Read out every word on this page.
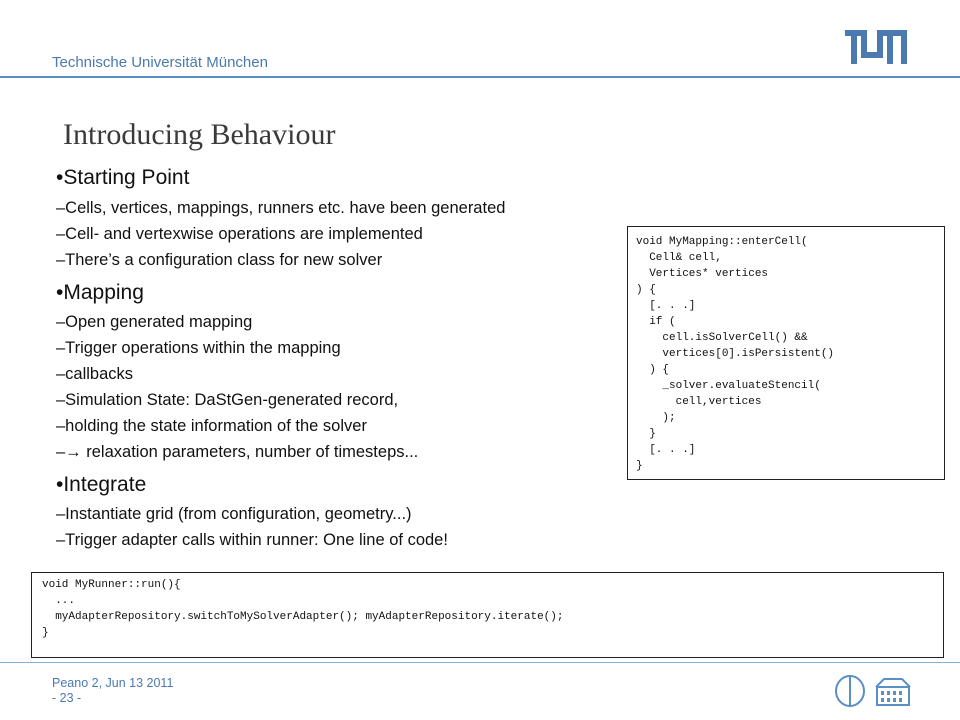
Technische Universität München
Introducing Behaviour
•Starting Point
–Cells, vertices, mappings, runners etc. have been generated
–Cell- and vertexwise operations are implemented
–There’s a configuration class for new solver
•Mapping
–Open generated mapping
–Trigger operations within the mapping
–callbacks
–Simulation State: DaStGen-generated record,
–holding the state information of the solver
–→ relaxation parameters, number of timesteps...
•Integrate
–Instantiate grid (from configuration, geometry...)
–Trigger adapter calls within runner: One line of code!
void MyMapping::enterCell(
Cell& cell,
Vertices* vertices
) {
[. . .]
if (
cell.isSolverCell() &&
vertices[0].isPersistent()
) {
_solver.evaluateStencil(
cell,vertices
);
}
[. . .]
}
void MyRunner::run(){
...
myAdapterRepository.switchToMySolverAdapter(); myAdapterRepository.iterate();
}
Peano 2, Jun 13 2011
- 23 -
